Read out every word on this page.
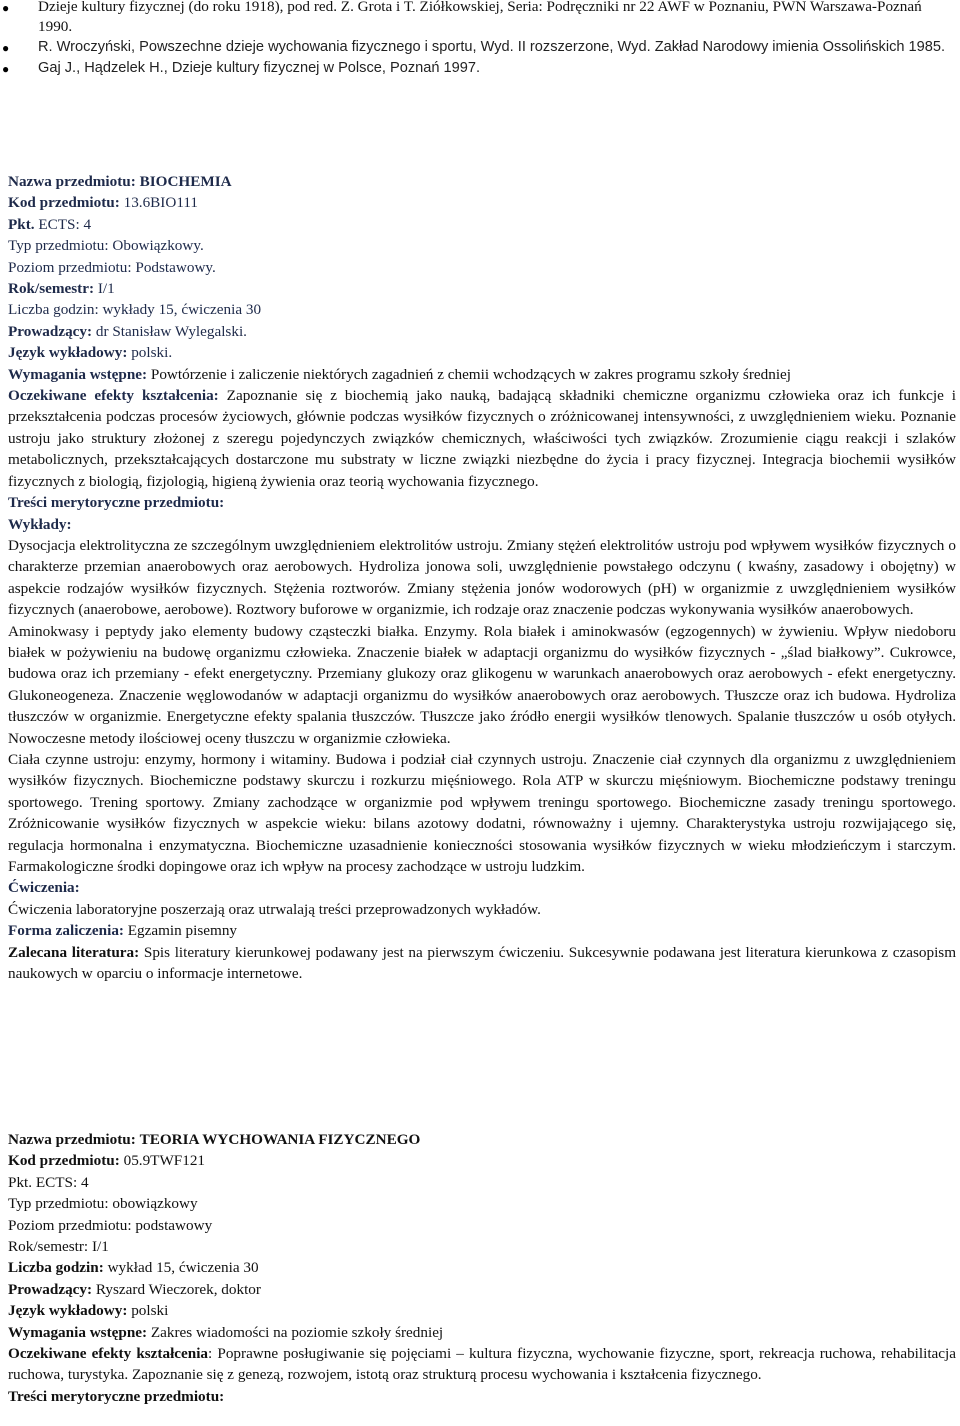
● Dzieje kultury fizycznej (do roku 1918), pod red. Z. Grota i T. Ziółkowskiej, Seria: Podręczniki nr 22 AWF w Poznaniu, PWN Warszawa-Poznań 1990.
● R. Wroczyński, Powszechne dzieje wychowania fizycznego i sportu, Wyd. II rozszerzone, Wyd. Zakład Narodowy imienia Ossolińskich 1985.
● Gaj J., Hądzelek H., Dzieje kultury fizycznej w Polsce, Poznań 1997.
Nazwa przedmiotu: BIOCHEMIA
Kod przedmiotu: 13.6BIO111
Pkt. ECTS: 4
Typ przedmiotu: Obowiązkowy.
Poziom przedmiotu: Podstawowy.
Rok/semestr: I/1
Liczba godzin: wykłady 15, ćwiczenia 30
Prowadzący: dr Stanisław Wylegalski.
Język wykładowy: polski.
Wymagania wstępne: Powtórzenie i zaliczenie niektórych zagadnień z chemii wchodzących w zakres programu szkoły średniej
Oczekiwane efekty kształcenia: Zapoznanie się z biochemią jako nauką, badającą składniki chemiczne organizmu człowieka oraz ich funkcje i przekształcenia podczas procesów życiowych, głównie podczas wysiłków fizycznych o zróżnicowanej intensywności, z uwzględnieniem wieku. Poznanie ustroju jako struktury złożonej z szeregu pojedynczych związków chemicznych, właściwości tych związków. Zrozumienie ciągu reakcji i szlaków metabolicznych, przekształcających dostarczone mu substraty w liczne związki niezbędne do życia i pracy fizycznej. Integracja biochemii wysiłków fizycznych z biologią, fizjologią, higieną żywienia oraz teorią wychowania fizycznego.
Treści merytoryczne przedmiotu:
Wykłady:
Dysocjacja elektrolityczna ze szczególnym uwzględnieniem elektrolitów ustroju. Zmiany stężeń elektrolitów ustroju pod wpływem wysiłków fizycznych o charakterze przemian anaerobowych oraz aerobowych. Hydroliza jonowa soli, uwzględnienie powstałego odczynu ( kwaśny, zasadowy i obojętny) w aspekcie rodzajów wysiłków fizycznych. Stężenia roztworów. Zmiany stężenia jonów wodorowych (pH) w organizmie z uwzględnieniem wysiłków fizycznych (anaerobowe, aerobowe). Roztwory buforowe w organizmie, ich rodzaje oraz znaczenie podczas wykonywania wysiłków anaerobowych.
Aminokwasy i peptydy jako elementy budowy cząsteczki białka. Enzymy. Rola białek i aminokwasów (egzogennych) w żywieniu. Wpływ niedoboru białek w pożywieniu na budowę organizmu człowieka. Znaczenie białek w adaptacji organizmu do wysiłków fizycznych - „ślad białkowy”. Cukrowce, budowa oraz ich przemiany - efekt energetyczny. Przemiany glukozy oraz glikogenu w warunkach anaerobowych oraz aerobowych - efekt energetyczny. Glukoneogeneza. Znaczenie węglowodanów w adaptacji organizmu do wysiłków anaerobowych oraz aerobowych. Tłuszcze oraz ich budowa. Hydroliza tłuszczów w organizmie. Energetyczne efekty spalania tłuszczów. Tłuszcze jako źródło energii wysiłków tlenowych. Spalanie tłuszczów u osób otyłych. Nowoczesne metody ilościowej oceny tłuszczu w organizmie człowieka.
Ciała czynne ustroju: enzymy, hormony i witaminy. Budowa i podział ciał czynnych ustroju. Znaczenie ciał czynnych dla organizmu z uwzględnieniem wysiłków fizycznych. Biochemiczne podstawy skurczu i rozkurzu mięśniowego. Rola ATP w skurczu mięśniowym. Biochemiczne podstawy treningu sportowego. Trening sportowy. Zmiany zachodzące w organizmie pod wpływem treningu sportowego. Biochemiczne zasady treningu sportowego. Zróżnicowanie wysiłków fizycznych w aspekcie wieku: bilans azotowy dodatni, równoważny i ujemny. Charakterystyka ustroju rozwijającego się, regulacja hormonalna i enzymatyczna. Biochemiczne uzasadnienie konieczności stosowania wysiłków fizycznych w wieku młodzieńczym i starczym. Farmakologiczne środki dopingowe oraz ich wpływ na procesy zachodzące w ustroju ludzkim.
Ćwiczenia:
Ćwiczenia laboratoryjne poszerzają oraz utrwalają treści przeprowadzonych wykładów.
Forma zaliczenia: Egzamin pisemny
Zalecana literatura: Spis literatury kierunkowej podawany jest na pierwszym ćwiczeniu. Sukcesywnie podawana jest literatura kierunkowa z czasopism naukowych w oparciu o informacje internetowe.
Nazwa przedmiotu: TEORIA WYCHOWANIA FIZYCZNEGO
Kod przedmiotu: 05.9TWF121
Pkt. ECTS: 4
Typ przedmiotu: obowiązkowy
Poziom przedmiotu: podstawowy
Rok/semestr: I/1
Liczba godzin: wykład 15, ćwiczenia 30
Prowadzący: Ryszard Wieczorek, doktor
Język wykładowy: polski
Wymagania wstępne: Zakres wiadomości na poziomie szkoły średniej
Oczekiwane efekty kształcenia: Poprawne posługiwanie się pojęciami – kultura fizyczna, wychowanie fizyczne, sport, rekreacja ruchowa, rehabilitacja ruchowa, turystyka. Zapoznanie się z genezą, rozwojem, istotą oraz strukturą procesu wychowania i kształcenia fizycznego.
Treści merytoryczne przedmiotu:
